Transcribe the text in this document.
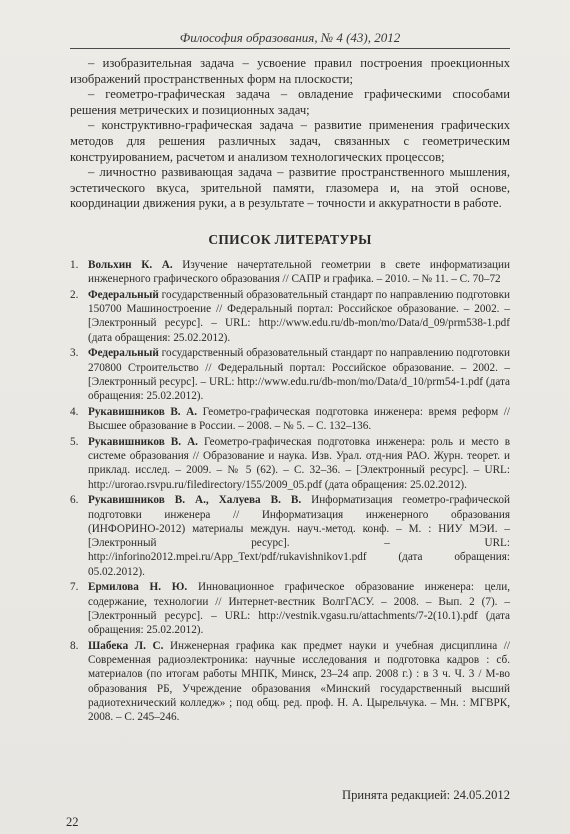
Философия образования, № 4 (43), 2012

– изобразительная задача – усвоение правил построения проекционных изображений пространственных форм на плоскости;

– геометро-графическая задача – овладение графическими способами решения метрических и позиционных задач;

– конструктивно-графическая задача – развитие применения графических методов для решения различных задач, связанных с геометрическим конструированием, расчетом и анализом технологических процессов;

– личностно развивающая задача – развитие пространственного мышления, эстетического вкуса, зрительной памяти, глазомера и, на этой основе, координации движения руки, а в результате – точности и аккуратности в работе.

СПИСОК ЛИТЕРАТУРЫ
1. Вольхин К. А. Изучение начертательной геометрии в свете информатизации инженерного графического образования // САПР и графика. – 2010. – № 11. – С. 70–72
2. Федеральный государственный образовательный стандарт по направлению подготовки 150700 Машиностроение // Федеральный портал: Российское образование. – 2002. – [Электронный ресурс]. – URL: http://www.edu.ru/db-mon/mo/Data/d_09/prm538-1.pdf (дата обращения: 25.02.2012).
3. Федеральный государственный образовательный стандарт по направлению подготовки 270800 Строительство // Федеральный портал: Российское образование. – 2002. – [Электронный ресурс]. – URL: http://www.edu.ru/db-mon/mo/Data/d_10/prm54-1.pdf (дата обращения: 25.02.2012).
4. Рукавишников В. А. Геометро-графическая подготовка инженера: время реформ // Высшее образование в России. – 2008. – № 5. – С. 132–136.
5. Рукавишников В. А. Геометро-графическая подготовка инженера: роль и место в системе образования // Образование и наука. Изв. Урал. отд-ния РАО. Журн. теорет. и приклад. исслед. – 2009. – № 5 (62). – С. 32–36. – [Электронный ресурс]. – URL: http://urorao.rsvpu.ru/filedirectory/155/2009_05.pdf (дата обращения: 25.02.2012).
6. Рукавишников В. А., Халуева В. В. Информатизация геометро-графической подготовки инженера // Информатизация инженерного образования (ИНФОРИНО-2012) материалы междун. науч.-метод. конф. – М. : НИУ МЭИ. – [Электронный ресурс]. – URL: http://inforino2012.mpei.ru/App_Text/pdf/rukavishnikov1.pdf (дата обращения: 05.02.2012).
7. Ермилова Н. Ю. Инновационное графическое образование инженера: цели, содержание, технологии // Интернет-вестник ВолгГАСУ. – 2008. – Вып. 2 (7). – [Электронный ресурс]. – URL: http://vestnik.vgasu.ru/attachments/7-2(10.1).pdf (дата обращения: 25.02.2012).
8. Шабека Л. С. Инженерная графика как предмет науки и учебная дисциплина // Современная радиоэлектроника: научные исследования и подготовка кадров : сб. материалов (по итогам работы МНПК, Минск, 23–24 апр. 2008 г.) : в 3 ч. Ч. 3 / М-во образования РБ, Учреждение образования «Минский государственный высший радиотехнический колледж» ; под общ. ред. проф. Н. А. Цырельчука. – Мн. : МГВРК, 2008. – С. 245–246.
Принята редакцией: 24.05.2012
22
